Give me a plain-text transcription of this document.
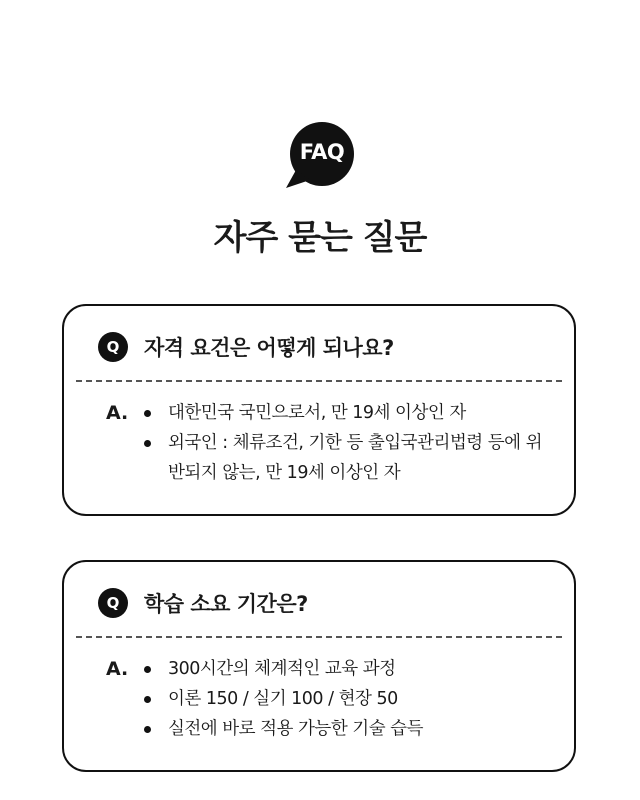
FAQ
자주 묻는 질문
Q	자격 요건은 어떻게 되나요?
A.	대한민국 국민으로서, 만 19세 이상인 자
외국인 : 체류조건, 기한 등 출입국관리법령 등에 위반되지 않는, 만 19세 이상인 자
Q	학습 소요 기간은?
A.	300시간의 체계적인 교육 과정
이론 150 / 실기 100 / 현장 50
실전에 바로 적용 가능한 기술 습득
